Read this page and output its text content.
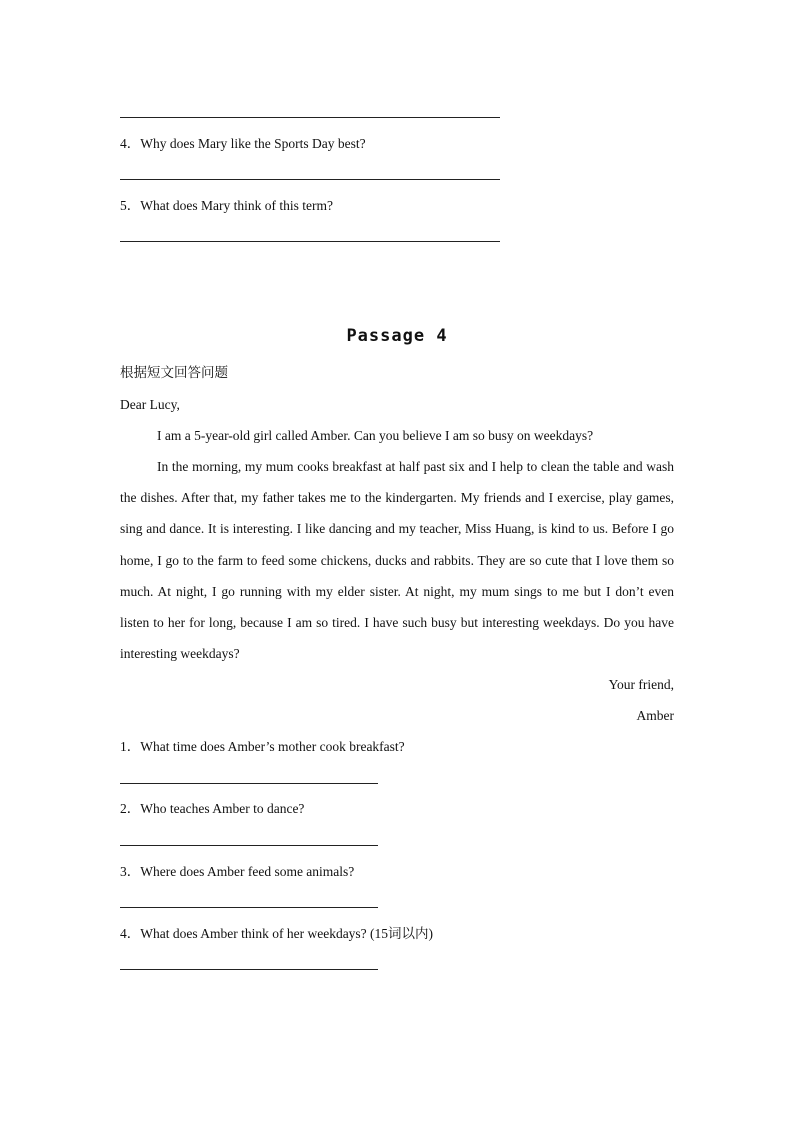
4．Why does Mary like the Sports Day best?
5．What does Mary think of this term?
Passage 4
根据短文回答问题
Dear Lucy,
I am a 5-year-old girl called Amber. Can you believe I am so busy on weekdays?
In the morning, my mum cooks breakfast at half past six and I help to clean the table and wash the dishes. After that, my father takes me to the kindergarten. My friends and I exercise, play games, sing and dance. It is interesting. I like dancing and my teacher, Miss Huang, is kind to us. Before I go home, I go to the farm to feed some chickens, ducks and rabbits. They are so cute that I love them so much. At night, I go running with my elder sister. At night, my mum sings to me but I don’t even listen to her for long, because I am so tired. I have such busy but interesting weekdays. Do you have interesting weekdays?
Your friend,
Amber
1．What time does Amber’s mother cook breakfast?
2．Who teaches Amber to dance?
3．Where does Amber feed some animals?
4．What does Amber think of her weekdays? (15词以内)
